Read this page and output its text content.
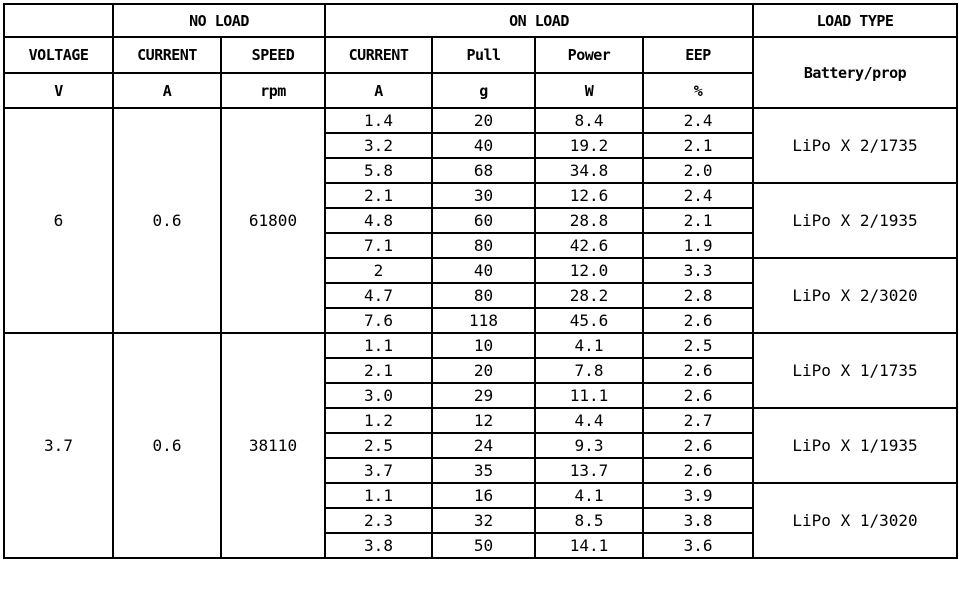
	NO LOAD		ON LOAD				LOAD TYPE
VOLTAGE	CURRENT	SPEED	CURRENT	Pull	Power	EEP	Battery/prop
V	A	rpm	A	g	W	%	
6	0.6	61800	1.4	20	8.4	2.4	LiPo X 2/1735
			3.2	40	19.2	2.1	
			5.8	68	34.8	2.0	
			2.1	30	12.6	2.4	LiPo X 2/1935
			4.8	60	28.8	2.1	
			7.1	80	42.6	1.9	
			2	40	12.0	3.3	LiPo X 2/3020
			4.7	80	28.2	2.8	
			7.6	118	45.6	2.6	
3.7	0.6	38110	1.1	10	4.1	2.5	LiPo X 1/1735
			2.1	20	7.8	2.6	
			3.0	29	11.1	2.6	
			1.2	12	4.4	2.7	LiPo X 1/1935
			2.5	24	9.3	2.6	
			3.7	35	13.7	2.6	
			1.1	16	4.1	3.9	LiPo X 1/3020
			2.3	32	8.5	3.8	
			3.8	50	14.1	3.6	
